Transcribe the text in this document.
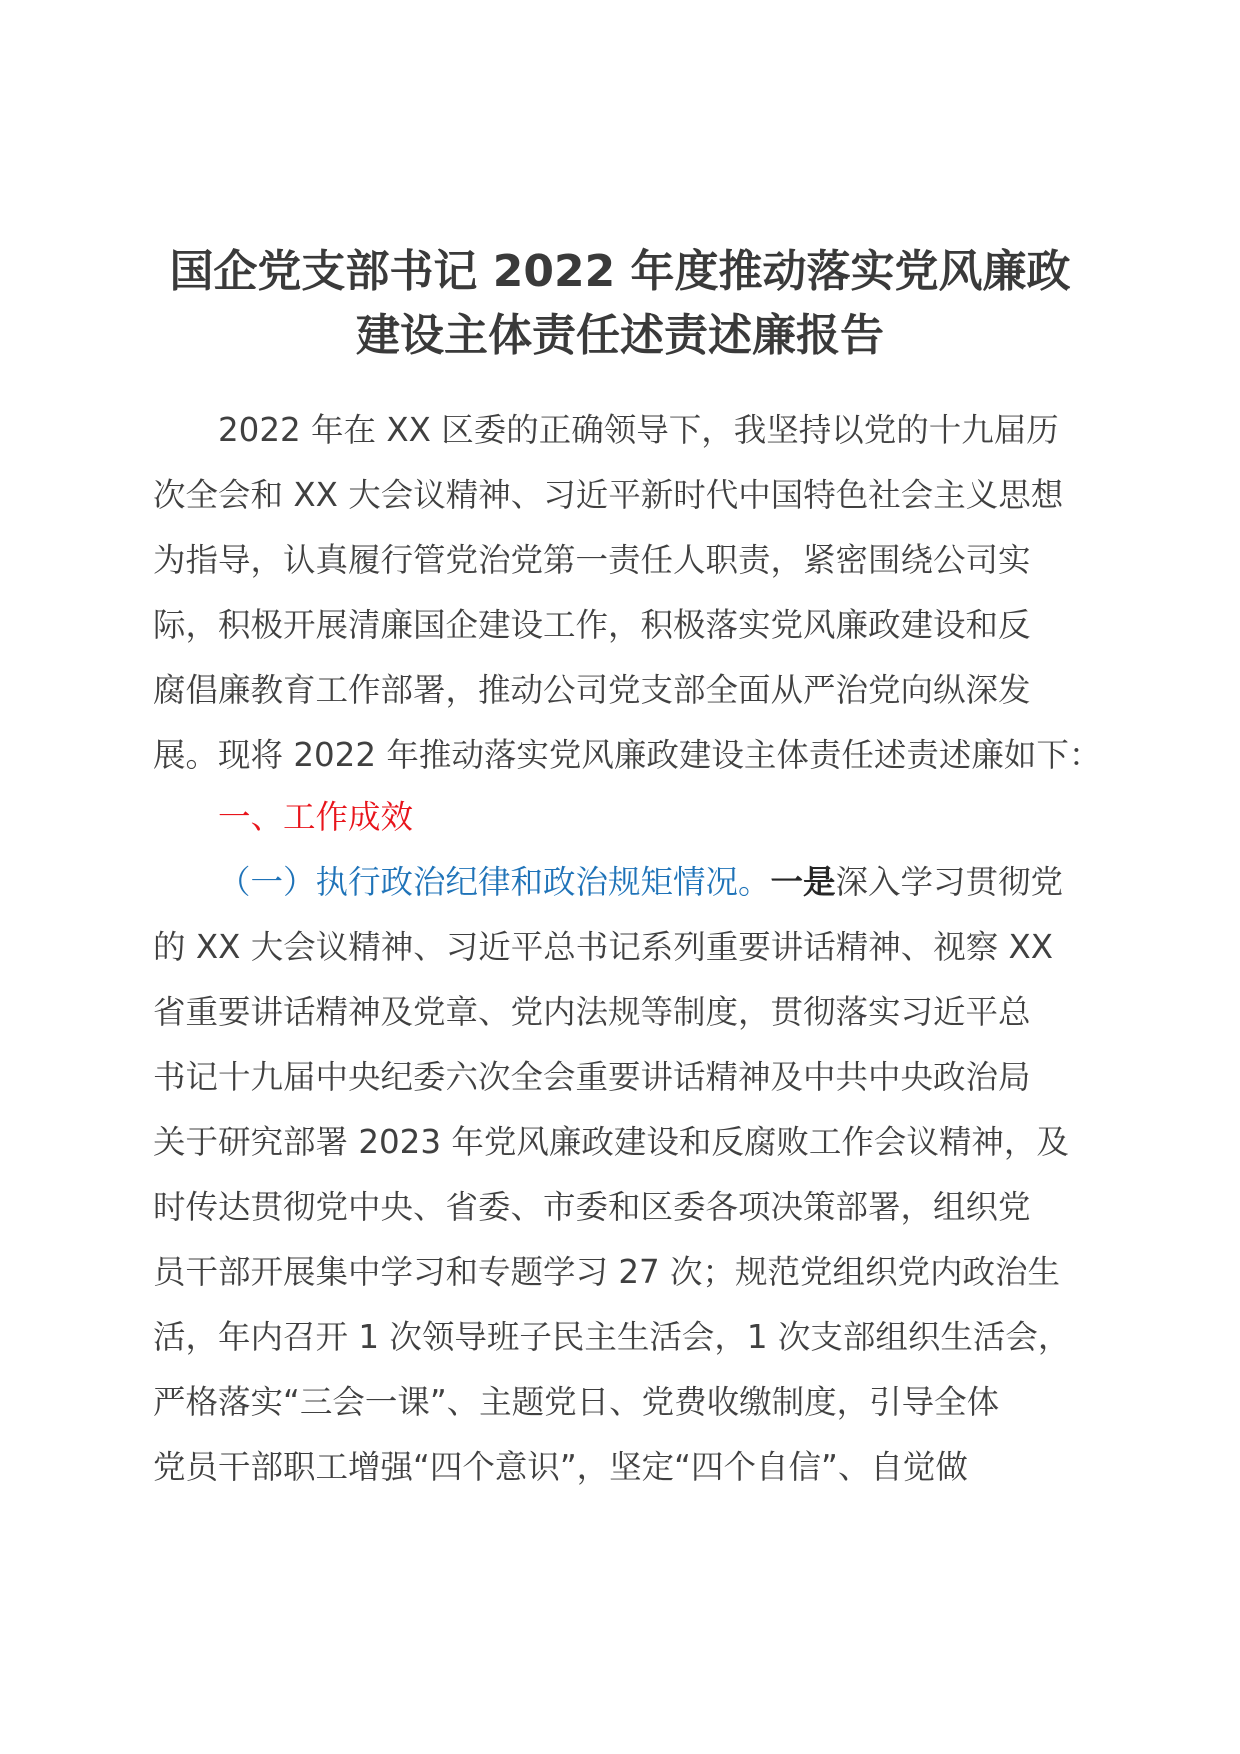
国企党支部书记 2022 年度推动落实党风廉政
建设主体责任述责述廉报告
2022 年在 XX 区委的正确领导下，我坚持以党的十九届历
次全会和 XX 大会议精神、习近平新时代中国特色社会主义思想
为指导，认真履行管党治党第一责任人职责，紧密围绕公司实
际，积极开展清廉国企建设工作，积极落实党风廉政建设和反
腐倡廉教育工作部署，推动公司党支部全面从严治党向纵深发
展。现将 2022 年推动落实党风廉政建设主体责任述责述廉如下：
一、工作成效
（一）执行政治纪律和政治规矩情况。一是深入学习贯彻党
的 XX 大会议精神、习近平总书记系列重要讲话精神、视察 XX
省重要讲话精神及党章、党内法规等制度，贯彻落实习近平总
书记十九届中央纪委六次全会重要讲话精神及中共中央政治局
关于研究部署 2023 年党风廉政建设和反腐败工作会议精神，及
时传达贯彻党中央、省委、市委和区委各项决策部署，组织党
员干部开展集中学习和专题学习 27 次；规范党组织党内政治生
活，年内召开 1 次领导班子民主生活会，1 次支部组织生活会，
严格落实“三会一课”、主题党日、党费收缴制度，引导全体
党员干部职工增强“四个意识”，坚定“四个自信”、自觉做
